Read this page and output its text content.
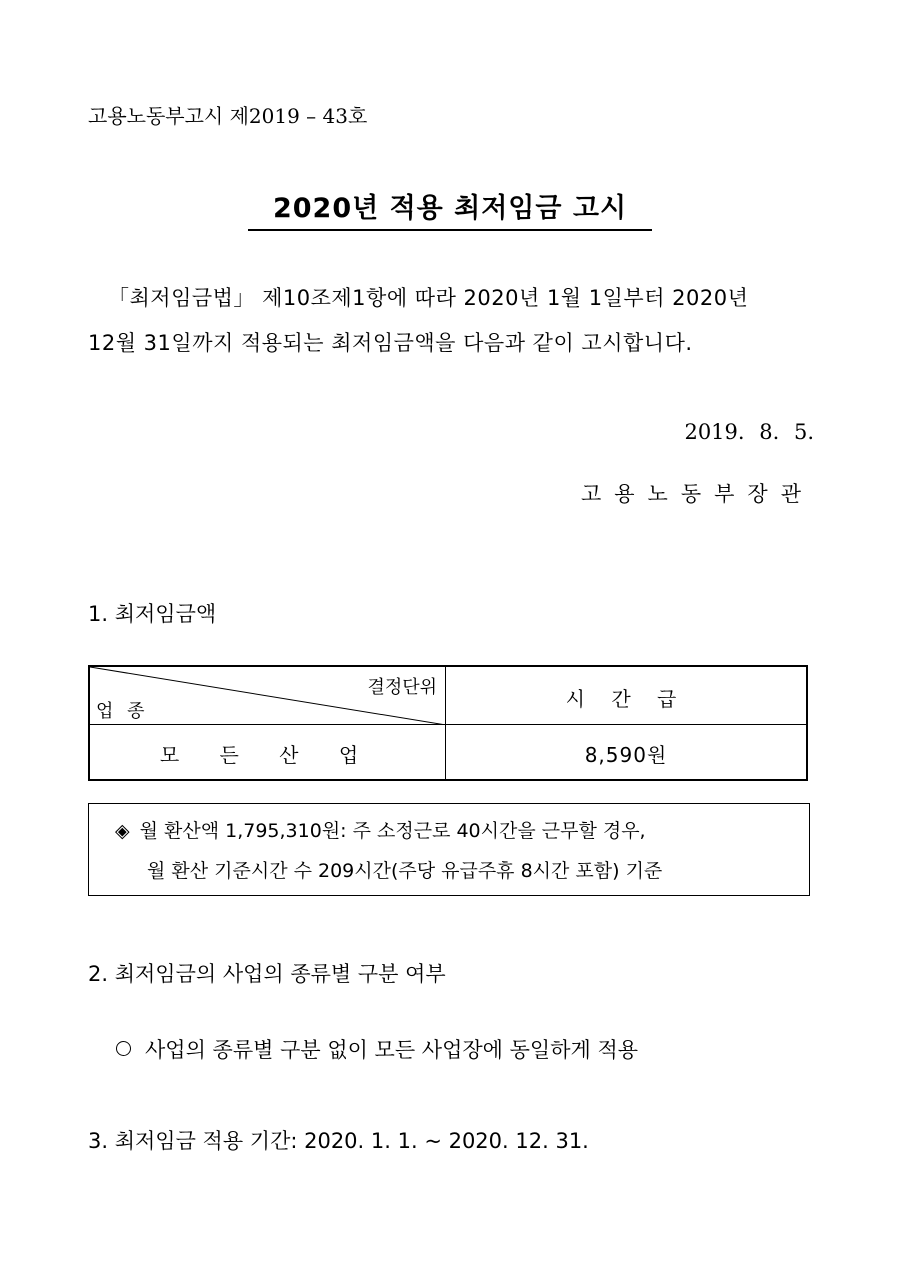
고용노동부고시 제2019 – 43호
2020년 적용 최저임금 고시
「최저임금법」 제10조제1항에 따라 2020년 1월 1일부터 2020년
12월 31일까지 적용되는 최저임금액을 다음과 같이 고시합니다.
2019. 8. 5.
고용노동부장관
1. 최저임금액
결정단위
업 종
시 간 급
모 든 산 업	8,590원
◈ 월 환산액 1,795,310원: 주 소정근로 40시간을 근무할 경우,
월 환산 기준시간 수 209시간(주당 유급주휴 8시간 포함) 기준
2. 최저임금의 사업의 종류별 구분 여부
사업의 종류별 구분 없이 모든 사업장에 동일하게 적용
3. 최저임금 적용 기간: 2020. 1. 1. ~ 2020. 12. 31.
